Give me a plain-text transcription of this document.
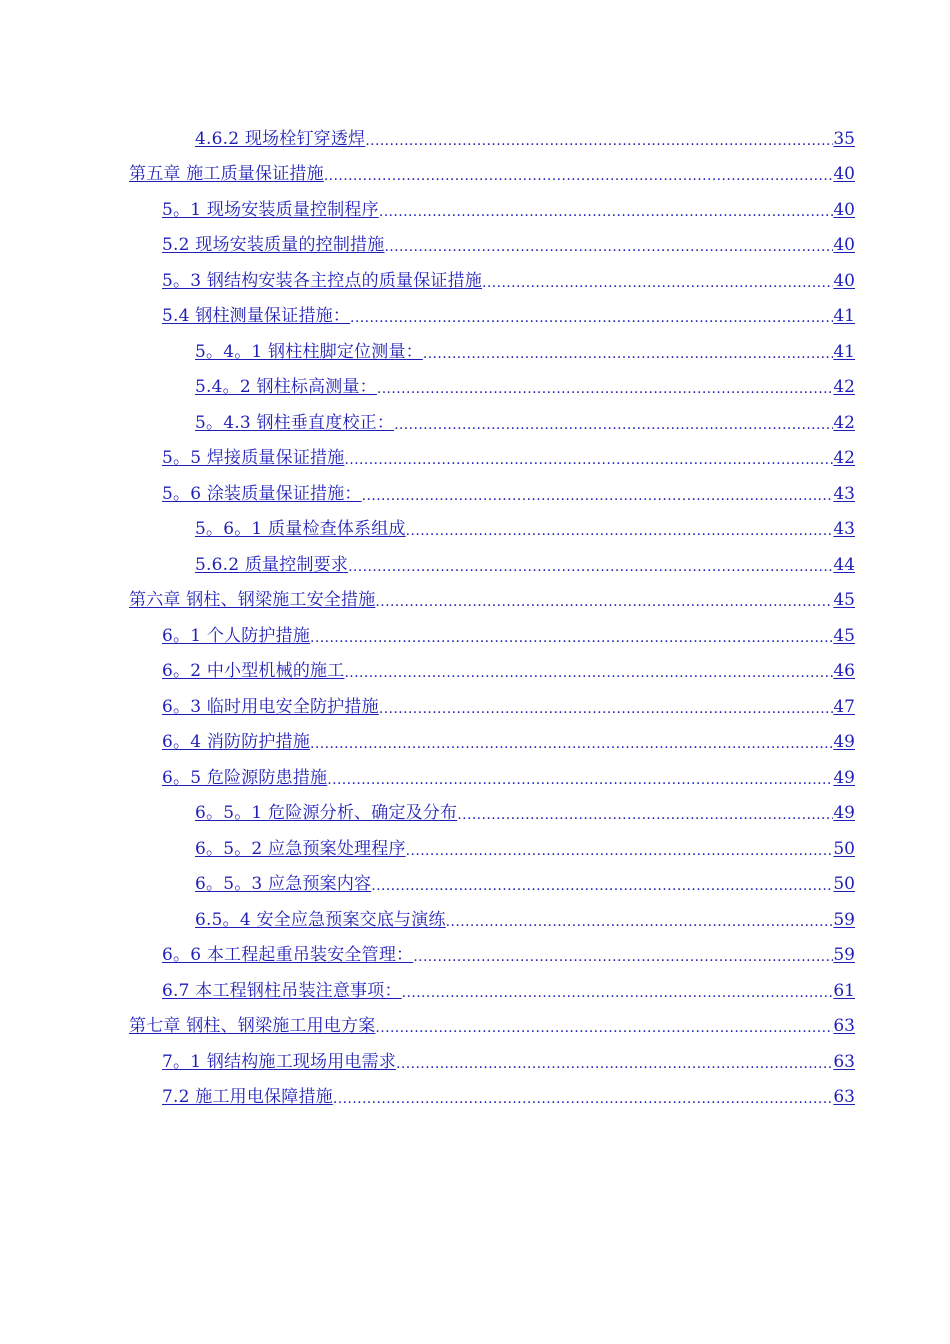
4.6.2 现场栓钉穿透焊 .....	35
第五章 施工质量保证措施 .....	40
5。1 现场安装质量控制程序 .....	40
5.2 现场安装质量的控制措施 .....	40
5。3 钢结构安装各主控点的质量保证措施 .....	40
5.4 钢柱测量保证措施： .....	41
5。4。1 钢柱柱脚定位测量： .....	41
5.4。2 钢柱标高测量： .....	42
5。4.3 钢柱垂直度校正： .....	42
5。5 焊接质量保证措施 .....	42
5。6 涂装质量保证措施： .....	43
5。6。1 质量检查体系组成 .....	43
5.6.2 质量控制要求 .....	44
第六章 钢柱、钢梁施工安全措施 .....	45
6。1 个人防护措施 .....	45
6。2 中小型机械的施工 .....	46
6。3 临时用电安全防护措施 .....	47
6。4 消防防护措施 .....	49
6。5 危险源防患措施 .....	49
6。5。1 危险源分析、确定及分布 .....	49
6。5。2 应急预案处理程序 .....	50
6。5。3 应急预案内容 .....	50
6.5。4 安全应急预案交底与演练 .....	59
6。6 本工程起重吊装安全管理： .....	59
6.7 本工程钢柱吊装注意事项： .....	61
第七章 钢柱、钢梁施工用电方案 .....	63
7。1 钢结构施工现场用电需求 .....	63
7.2 施工用电保障措施 .....	63
